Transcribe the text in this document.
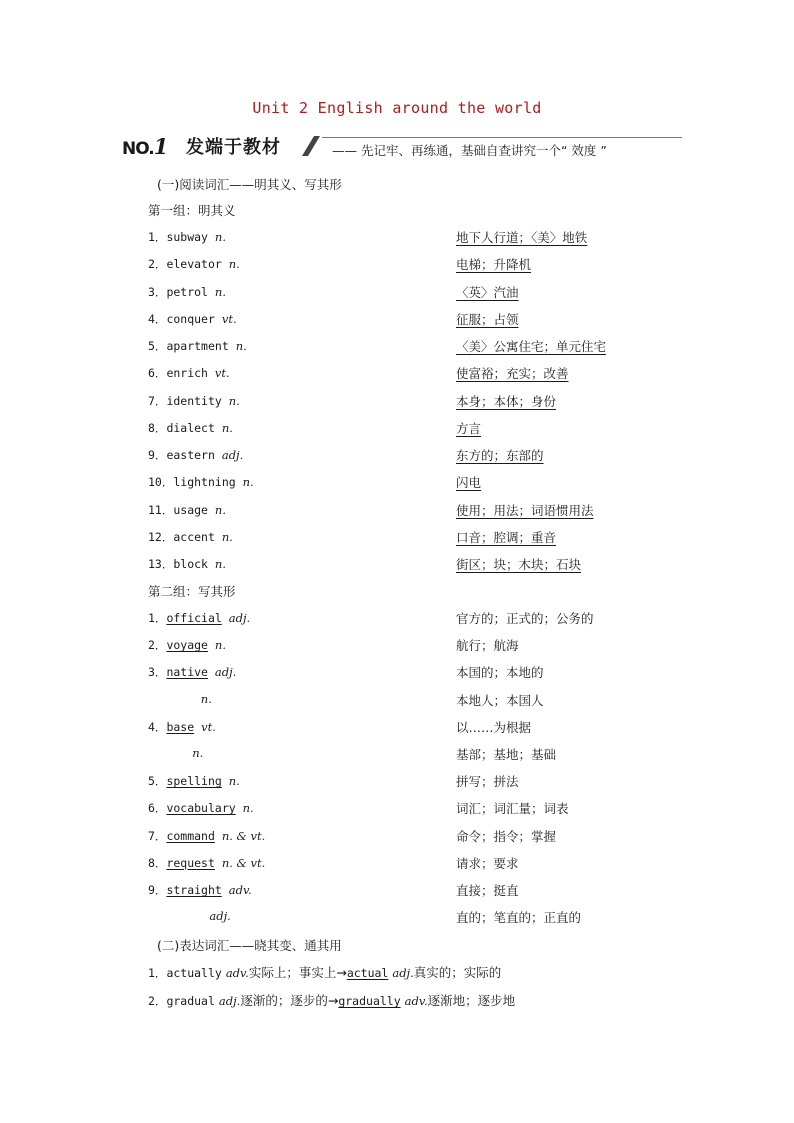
Unit 2 English around the world
NO.1 发端于教材	—— 先记牢、再练通，基础自查讲究一个“ 效度 ”
(一)阅读词汇——明其义、写其形
第一组：明其义
1．subway n.	地下人行道；〈美〉地铁
2．elevator n.	电梯；升降机
3．petrol n.	〈英〉汽油
4．conquer vt.	征服；占领
5．apartment n.	〈美〉公寓住宅；单元住宅
6．enrich vt.	使富裕；充实；改善
7．identity n.	本身；本体；身份
8．dialect n.	方言
9．eastern adj.	东方的；东部的
10．lightning n.	闪电
11．usage n.	使用；用法；词语惯用法
12．accent n.	口音；腔调；重音
13．block n.	街区；块；木块；石块
第二组：写其形
1．official adj.	官方的；正式的；公务的
2．voyage n.	航行；航海
3．native adj.	本国的；本地的
n.	本地人；本国人
4．base vt.	以……为根据
n.	基部；基地；基础
5．spelling n.	拼写；拼法
6．vocabulary n.	词汇；词汇量；词表
7．command n. & vt.	命令；指令；掌握
8．request n. & vt.	请求；要求
9．straight adv.	直接；挺直
adj.	直的；笔直的；正直的
(二)表达词汇——晓其变、通其用
1．actually adv.实际上；事实上→actual adj.真实的；实际的
2．gradual adj.逐渐的；逐步的→gradually adv.逐渐地；逐步地
